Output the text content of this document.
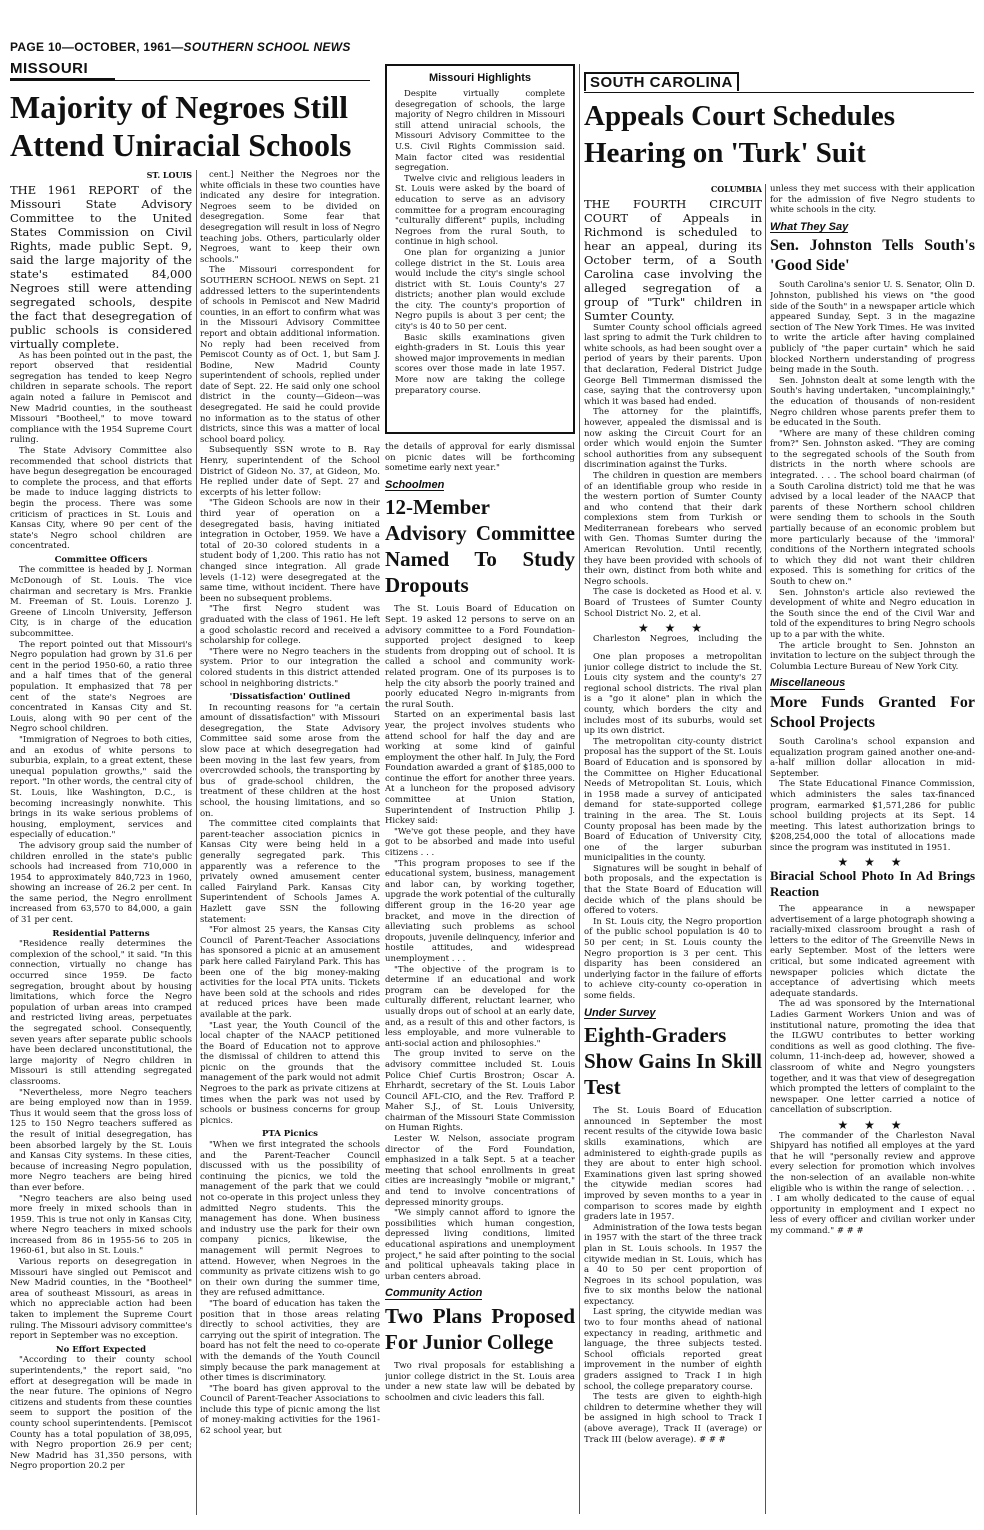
PAGE 10—OCTOBER, 1961—SOUTHERN SCHOOL NEWS
MISSOURI
Majority of Negroes Still Attend Uniracial Schools
ST. LOUIS

THE 1961 REPORT of the Missouri State Advisory Committee to the United States Commission on Civil Rights, made public Sept. 9, said the large majority of the state's estimated 84,000 Negroes still were attending segregated schools, despite the fact that desegregation of public schools is considered virtually complete.

As has been pointed out in the past, the report observed that residential segregation has tended to keep Negro children in separate schools. The report again noted a failure in Pemiscot and New Madrid counties, in the southeast Missouri "Bootheel," to move toward compliance with the 1954 Supreme Court ruling.

The State Advisory Committee also recommended that school districts that have begun desegregation be encouraged to complete the process, and that efforts be made to induce lagging districts to begin the process. There was some criticism of practices in St. Louis and Kansas City, where 90 per cent of the state's Negro school children are concentrated.

Committee Officers

The committee is headed by J. Norman McDonough of St. Louis. The vice chairman and secretary is Mrs. Frankie M. Freeman of St. Louis. Lorenzo J. Greene of Lincoln University, Jefferson City, is in charge of the education subcommittee.

The report pointed out that Missouri's Negro population had grown by 31.6 per cent in the period 1950-60, a ratio three and a half times that of the general population. It emphasized that 78 per cent of the state's Negroes are concentrated in Kansas City and St. Louis, along with 90 per cent of the Negro school children.

"Immigration of Negroes to both cities, and an exodus of white persons to suburbia, explain, to a great extent, these unequal population growths," said the report. "In other words, the central city of St. Louis, like Washington, D.C., is becoming increasingly nonwhite. This brings in its wake serious problems of housing, employment, services and especially of education."

The advisory group said the number of children enrolled in the state's public schools had increased from 710,000 in 1954 to approximately 840,723 in 1960, showing an increase of 26.2 per cent. In the same period, the Negro enrollment increased from 63,570 to 84,000, a gain of 31 per cent.

Residential Patterns

"Residence really determines the complexion of the school," it said. "In this connection, virtually no change has occurred since 1959. De facto segregation, brought about by housing limitations, which force the Negro population of urban areas into cramped and restricted living areas, perpetuates the segregated school. Consequently, seven years after separate public schools have been declared unconstitutional, the large majority of Negro children in Missouri is still attending segregated classrooms.

"Nevertheless, more Negro teachers are being employed now than in 1959. Thus it would seem that the gross loss of 125 to 150 Negro teachers suffered as the result of initial desegregation, has been absorbed largely by the St. Louis and Kansas City systems. In these cities, because of increasing Negro population, more Negro teachers are being hired than ever before.

"Negro teachers are also being used more freely in mixed schools than in 1959. This is true not only in Kansas City, where Negro teachers in mixed schools increased from 86 in 1955-56 to 205 in 1960-61, but also in St. Louis."

Various reports on desegregation in Missouri have singled out Pemiscot and New Madrid counties, in the "Bootheel" area of southeast Missouri, as areas in which no appreciable action had been taken to implement the Supreme Court ruling. The Missouri advisory committee's report in September was no exception.

No Effort Expected

"According to their county school superintendents," the report said, "no effort at desegregation will be made in the near future. The opinions of Negro citizens and students from these counties seem to support the position of the county school superintendents. [Pemiscot County has a total population of 38,095, with Negro proportion 26.9 per cent; New Madrid has 31,350 persons, with Negro proportion 20.2 per

cent.] Neither the Negroes nor the white officials in these two counties have indicated any desire for integration. Negroes seem to be divided on desegregation. Some fear that desegregation will result in loss of Negro teaching jobs. Others, particularly older Negroes, want to keep their own schools."

The Missouri correspondent for SOUTHERN SCHOOL NEWS on Sept. 21 addressed letters to the superintendents of schools in Pemiscot and New Madrid counties, in an effort to confirm what was in the Missouri Advisory Committee report and obtain additional information. No reply had been received from Pemiscot County as of Oct. 1, but Sam J. Bodine, New Madrid County superintendent of schools, replied under date of Sept. 22. He said only one school district in the county—Gideon—was desegregated. He said he could provide no information as to the status of other districts, since this was a matter of local school board policy.

Subsequently SSN wrote to B. Ray Henry, superintendent of the School District of Gideon No. 37, at Gideon, Mo. He replied under date of Sept. 27 and excerpts of his letter follow:

"The Gideon Schools are now in their third year of operation on a desegregated basis, having initiated integration in October, 1959. We have a total of 20-30 colored students in a student body of 1,200. This ratio has not changed since integration. All grade levels (1-12) were desegregated at the same time, without incident. There have been no subsequent problems.

"The first Negro student was graduated with the class of 1961. He left a good scholastic record and received a scholarship for college.

"There were no Negro teachers in the system. Prior to our integration the colored students in this district attended school in neighboring districts."

'Dissatisfaction' Outlined

In recounting reasons for "a certain amount of dissatisfaction" with Missouri desegregation, the State Advisory Committee said some arose from the slow pace at which desegregation had been moving in the last few years, from overcrowded schools, the transporting by bus of grade-school children, the treatment of these children at the host school, the housing limitations, and so on.

The committee cited complaints that parent-teacher association picnics in Kansas City were being held in a generally segregated park. This apparently was a reference to the privately owned amusement center called Fairyland Park. Kansas City Superintendent of Schools James A. Hazlett gave SSN the following statement:

"For almost 25 years, the Kansas City Council of Parent-Teacher Associations has sponsored a picnic at an amusement park here called Fairyland Park. This has been one of the big money-making activities for the local PTA units. Tickets have been sold at the schools and rides at reduced prices have been made available at the park.

"Last year, the Youth Council of the local chapter of the NAACP petitioned the Board of Education not to approve the dismissal of children to attend this picnic on the grounds that the management of the park would not admit Negroes to the park as private citizens at times when the park was not used by schools or business concerns for group picnics.

PTA Picnics

"When we first integrated the schools and the Parent-Teacher Council discussed with us the possibility of continuing the picnics, we told the management of the park that we could not co-operate in this project unless they admitted Negro students. This the management has done. When business and industry use the park for their own company picnics, likewise, the management will permit Negroes to attend. However, when Negroes in the community as private citizens wish to go on their own during the summer time, they are refused admittance.

"The board of education has taken the position that in those areas relating directly to school activities, they are carrying out the spirit of integration. The board has not felt the need to co-operate with the demands of the Youth Council simply because the park management at other times is discriminatory.

"The board has given approval to the Council of Parent-Teacher Associations to include this type of picnic among the list of money-making activities for the 1961-62 school year, but

Missouri Highlights

Despite virtually complete desegregation of schools, the large majority of Negro children in Missouri still attend uniracial schools, the Missouri Advisory Committee to the U.S. Civil Rights Commission said. Main factor cited was residential segregation.

Twelve civic and religious leaders in St. Louis were asked by the board of education to serve as an advisory committee for a program encouraging "culturally different" pupils, including Negroes from the rural South, to continue in high school.

One plan for organizing a junior college district in the St. Louis area would include the city's single school district with St. Louis County's 27 districts; another plan would exclude the city. The county's proportion of Negro pupils is about 3 per cent; the city's is 40 to 50 per cent.

Basic skills examinations given eighth-graders in St. Louis this year showed major improvements in median scores over those made in late 1957. More now are taking the college preparatory course.

the details of approval for early dismissal on picnic dates will be forthcoming sometime early next year."

Schoolmen
12-Member Advisory Committee Named To Study Dropouts

The St. Louis Board of Education on Sept. 19 asked 12 persons to serve on an advisory committee to a Ford Foundation-supported project designed to keep students from dropping out of school. It is called a school and community work-related program. One of its purposes is to help the city absorb the poorly trained and poorly educated Negro in-migrants from the rural South.

Started on an experimental basis last year, the project involves students who attend school for half the day and are working at some kind of gainful employment the other half. In July, the Ford Foundation awarded a grant of $185,000 to continue the effort for another three years. At a luncheon for the proposed advisory committee at Union Station, Superintendent of Instruction Philip J. Hickey said:

"We've got these people, and they have got to be absorbed and made into useful citizens . . .

"This program proposes to see if the educational system, business, management and labor can, by working together, upgrade the work potential of the culturally different group in the 16-20 year age bracket, and move in the direction of alleviating such problems as school dropouts, juvenile delinquency, inferior and hostile attitudes, and widespread unemployment . . .

"The objective of the program is to determine if an educational and work program can be developed for the culturally different, reluctant learner, who usually drops out of school at an early date, and, as a result of this and other factors, is less employable, and more vulnerable to anti-social action and philosophies."

The group invited to serve on the advisory committee included St. Louis Police Chief Curtis Brostron; Oscar A. Ehrhardt, secretary of the St. Louis Labor Council AFL-CIO, and the Rev. Trafford P. Maher S.J., of St. Louis University, chairman of the Missouri State Commission on Human Rights.

Lester W. Nelson, associate program director of the Ford Foundation, emphasized in a talk Sept. 5 at a teacher meeting that school enrollments in great cities are increasingly "mobile or migrant," and tend to involve concentrations of depressed minority groups.

"We simply cannot afford to ignore the possibilities which human congestion, depressed living conditions, limited educational aspirations and unemployment project," he said after pointing to the social and political upheavals taking place in urban centers abroad.

Community Action
Two Plans Proposed For Junior College

Two rival proposals for establishing a junior college district in the St. Louis area under a new state law will be debated by schoolmen and civic leaders this fall.

SOUTH CAROLINA
Appeals Court Schedules Hearing on 'Turk' Suit
COLUMBIA

THE FOURTH CIRCUIT COURT of Appeals in Richmond is scheduled to hear an appeal, during its October term, of a South Carolina case involving the alleged segregation of a group of "Turk" children in Sumter County.

Sumter County school officials agreed last spring to admit the Turk children to white schools, as had been sought over a period of years by their parents. Upon that declaration, Federal District Judge George Bell Timmerman dismissed the case, saying that the controversy upon which it was based had ended.

The attorney for the plaintiffs, however, appealed the dismissal and is now asking the Circuit Court for an order which would enjoin the Sumter school authorities from any subsequent discrimination against the Turks.

The children in question are members of an identifiable group who reside in the western portion of Sumter County and who contend that their dark complexions stem from Turkish or Mediterranean forebears who served with Gen. Thomas Sumter during the American Revolution. Until recently, they have been provided with schools of their own, distinct from both white and Negro schools.

The case is docketed as Hood et al. v. Board of Trustees of Sumter County School District No. 2, et al.

★ ★ ★

Charleston Negroes, including the

One plan proposes a metropolitan junior college district to include the St. Louis city system and the county's 27 regional school districts. The rival plan is a "go it alone" plan in which the county, which borders the city and includes most of its suburbs, would set up its own district.

The metropolitan city-county district proposal has the support of the St. Louis Board of Education and is sponsored by the Committee on Higher Educational Needs of Metropolitan St. Louis, which in 1958 made a survey of anticipated demand for state-supported college training in the area. The St. Louis County proposal has been made by the Board of Education of University City, one of the larger suburban municipalities in the county.

Signatures will be sought in behalf of both proposals, and the expectation is that the State Board of Education will decide which of the plans should be offered to voters.

In St. Louis city, the Negro proportion of the public school population is 40 to 50 per cent; in St. Louis county the Negro proportion is 3 per cent. This disparity has been considered an underlying factor in the failure of efforts to achieve city-county co-operation in some fields.

Under Survey
Eighth-Graders Show Gains In Skill Test

The St. Louis Board of Education announced in September the most recent results of the citywide Iowa basic skills examinations, which are administered to eighth-grade pupils as they are about to enter high school. Examinations given last spring showed the citywide median scores had improved by seven months to a year in comparison to scores made by eighth graders late in 1957.

Administration of the Iowa tests began in 1957 with the start of the three track plan in St. Louis schools. In 1957 the citywide median in St. Louis, which has a 40 to 50 per cent proportion of Negroes in its school population, was five to six months below the national expectancy.

Last spring, the citywide median was two to four months ahead of national expectancy in reading, arithmetic and language, the three subjects tested. School officials reported great improvement in the number of eighth graders assigned to Track I in high school, the college preparatory course.

The tests are given to eighth-high children to determine whether they will be assigned in high school to Track I (above average), Track II (average) or Track III (below average). # # #

unless they met success with their application for the admission of five Negro students to white schools in the city.

What They Say
Sen. Johnston Tells South's 'Good Side'

South Carolina's senior U. S. Senator, Olin D. Johnston, published his views on "the good side of the South" in a newspaper article which appeared Sunday, Sept. 3 in the magazine section of The New York Times. He was invited to write the article after having complained publicly of "the paper curtain" which he said blocked Northern understanding of progress being made in the South.

Sen. Johnston dealt at some length with the South's having undertaken, "uncomplainingly," the education of thousands of non-resident Negro children whose parents prefer them to be educated in the South.

"Where are many of these children coming from?" Sen. Johnston asked. "They are coming to the segregated schools of the South from districts in the north where schools are integrated. . . . The school board chairman (of a South Carolina district) told me that he was advised by a local leader of the NAACP that parents of these Northern school children were sending them to schools in the South partially because of an economic problem but more particularly because of the 'immoral' conditions of the Northern integrated schools to which they did not want their children exposed. This is something for critics of the South to chew on."

Sen. Johnston's article also reviewed the development of white and Negro education in the South since the end of the Civil War and told of the expenditures to bring Negro schools up to a par with the white.

The article brought to Sen. Johnston an invitation to lecture on the subject through the Columbia Lecture Bureau of New York City.

Miscellaneous
More Funds Granted For School Projects

South Carolina's school expansion and equalization program gained another one-and-a-half million dollar allocation in mid-September.

The State Educational Finance Commission, which administers the sales tax-financed program, earmarked $1,571,286 for public school building projects at its Sept. 14 meeting. This latest authorization brings to $208,254,000 the total of allocations made since the program was instituted in 1951.

★ ★ ★

Biracial School Photo In Ad Brings Reaction

The appearance in a newspaper advertisement of a large photograph showing a racially-mixed classroom brought a rash of letters to the editor of The Greenville News in early September. Most of the letters were critical, but some indicated agreement with newspaper policies which dictate the acceptance of advertising which meets adequate standards.

The ad was sponsored by the International Ladies Garment Workers Union and was of institutional nature, promoting the idea that the ILGWU contributes to better working conditions as well as good clothing. The five-column, 11-inch-deep ad, however, showed a classroom of white and Negro youngsters together, and it was that view of desegregation which prompted the letters of complaint to the newspaper. One letter carried a notice of cancellation of subscription.

★ ★ ★

The commander of the Charleston Naval Shipyard has notified all employes at the yard that he will "personally review and approve every selection for promotion which involves the non-selection of an available non-white eligible who is within the range of selection. . . . I am wholly dedicated to the cause of equal opportunity in employment and I expect no less of every officer and civilian worker under my command." # # #
